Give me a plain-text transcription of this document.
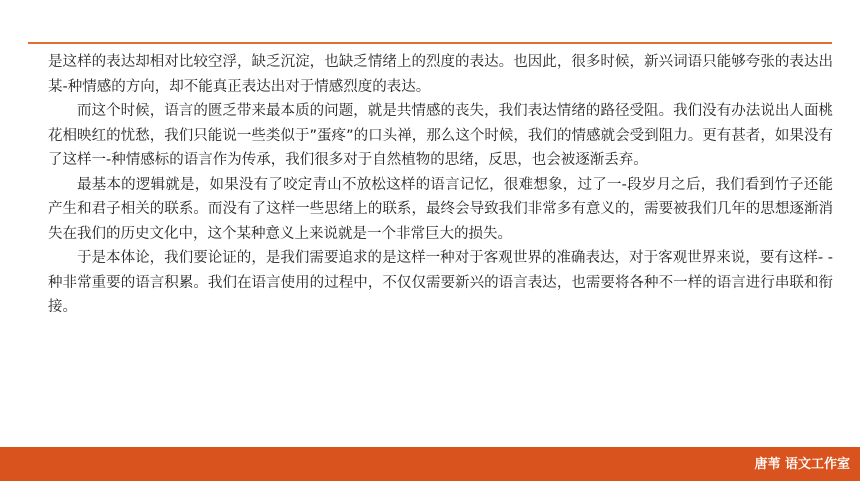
是这样的表达却相对比较空浮，缺乏沉淀，也缺乏情绪上的烈度的表达。也因此，很多时候，新兴词语只能够夸张的表达出某-种情感的方向，却不能真正表达出对于情感烈度的表达。

而这个时候，语言的匮乏带来最本质的问题，就是共情感的丧失，我们表达情绪的路径受阻。我们没有办法说出人面桃花相映红的忧愁，我们只能说一些类似于”蛋疼”的口头禅，那么这个时候，我们的情感就会受到阻力。更有甚者，如果没有了这样一-种情感标的语言作为传承，我们很多对于自然植物的思绪，反思，也会被逐渐丢弃。

最基本的逻辑就是，如果没有了咬定青山不放松这样的语言记忆，很难想象，过了一-段岁月之后，我们看到竹子还能产生和君子相关的联系。而没有了这样一些思绪上的联系，最终会导致我们非常多有意义的，需要被我们几年的思想逐渐消失在我们的历史文化中，这个某种意义上来说就是一个非常巨大的损失。

于是本体论，我们要论证的，是我们需要追求的是这样一种对于客观世界的准确表达，对于客观世界来说，要有这样- -种非常重要的语言积累。我们在语言使用的过程中，不仅仅需要新兴的语言表达，也需要将各种不一样的语言进行串联和衔接。

唐苇 语文工作室
